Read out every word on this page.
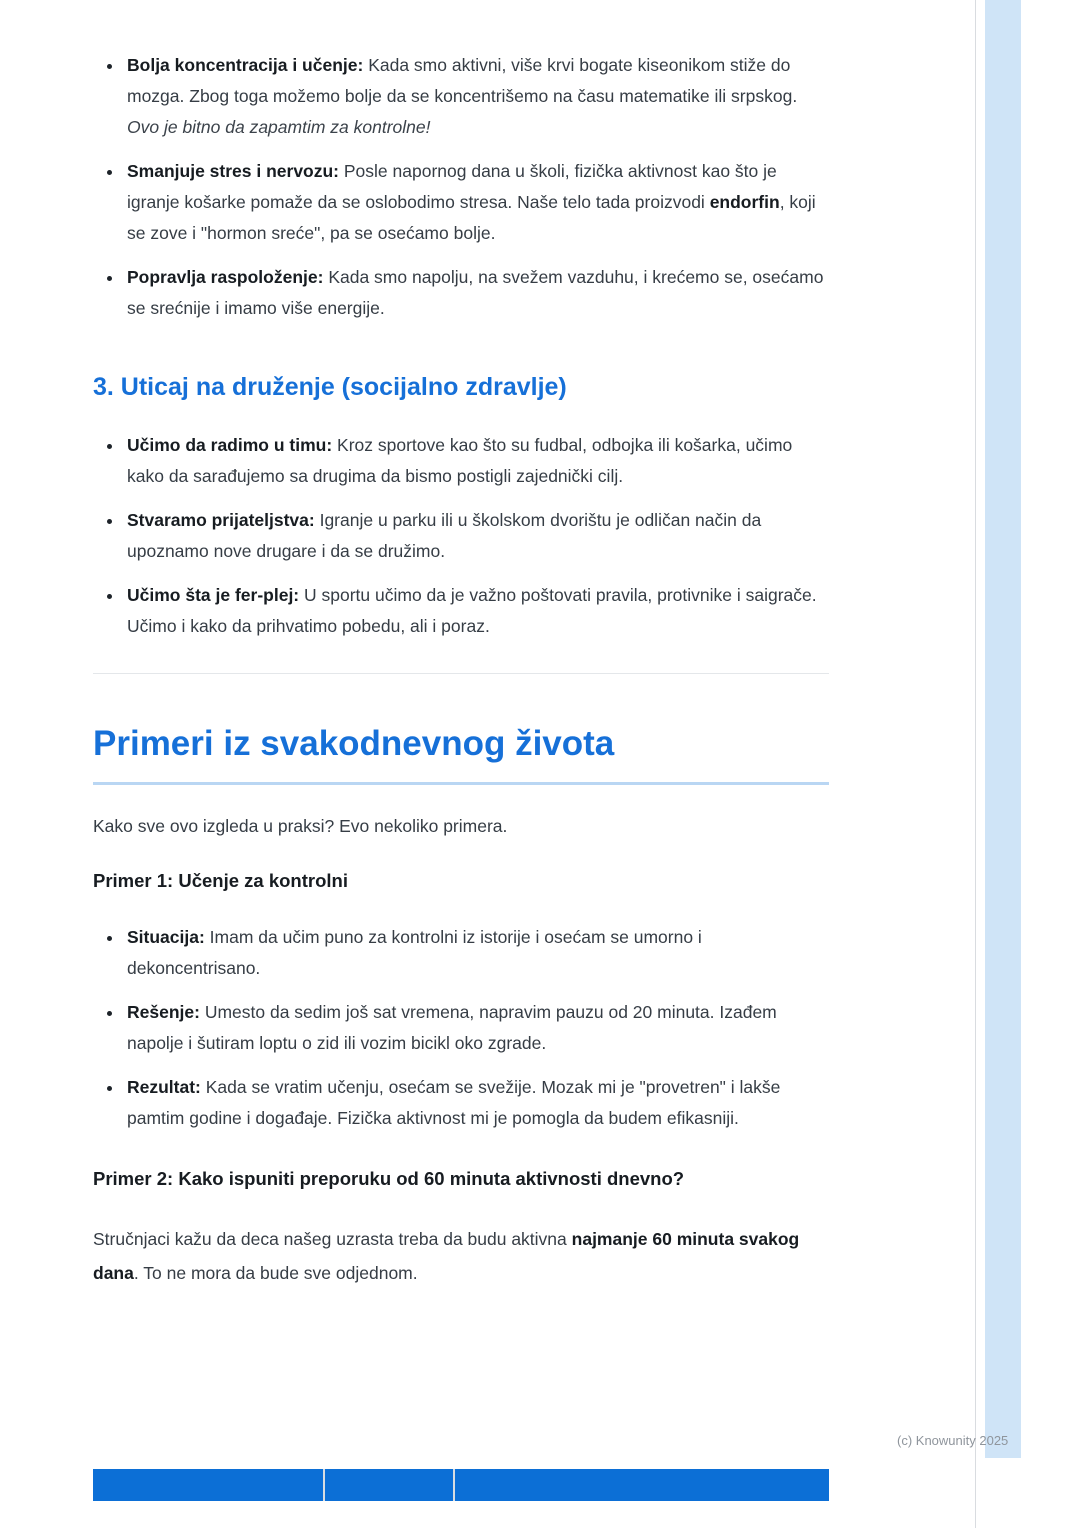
• Bolja koncentracija i učenje: Kada smo aktivni, više krvi bogate kiseonikom stiže do mozga. Zbog toga možemo bolje da se koncentrišemo na času matematike ili srpskog. Ovo je bitno da zapamtim za kontrolne!
• Smanjuje stres i nervozu: Posle napornog dana u školi, fizička aktivnost kao što je igranje košarke pomaže da se oslobodimo stresa. Naše telo tada proizvodi endorfin, koji se zove i "hormon sreće", pa se osećamo bolje.
• Popravlja raspoloženje: Kada smo napolju, na svežem vazduhu, i krećemo se, osećamo se srećnije i imamo više energije.
3. Uticaj na druženje (socijalno zdravlje)
• Učimo da radimo u timu: Kroz sportove kao što su fudbal, odbojka ili košarka, učimo kako da sarađujemo sa drugima da bismo postigli zajednički cilj.
• Stvaramo prijateljstva: Igranje u parku ili u školskom dvorištu je odličan način da upoznamo nove drugare i da se družimo.
• Učimo šta je fer-plej: U sportu učimo da je važno poštovati pravila, protivnike i saigrače. Učimo i kako da prihvatimo pobedu, ali i poraz.
Primeri iz svakodnevnog života

Kako sve ovo izgleda u praksi? Evo nekoliko primera.

Primer 1: Učenje za kontrolni
• Situacija: Imam da učim puno za kontrolni iz istorije i osećam se umorno i dekoncentrisano.
• Rešenje: Umesto da sedim još sat vremena, napravim pauzu od 20 minuta. Izađem napolje i šutiram loptu o zid ili vozim bicikl oko zgrade.
• Rezultat: Kada se vratim učenju, osećam se svežije. Mozak mi je "provetren" i lakše pamtim godine i događaje. Fizička aktivnost mi je pomogla da budem efikasniji.
Primer 2: Kako ispuniti preporuku od 60 minuta aktivnosti dnevno?

Stručnjaci kažu da deca našeg uzrasta treba da budu aktivna najmanje 60 minuta svakog dana. To ne mora da bude sve odjednom.

(c) Knowunity 2025
